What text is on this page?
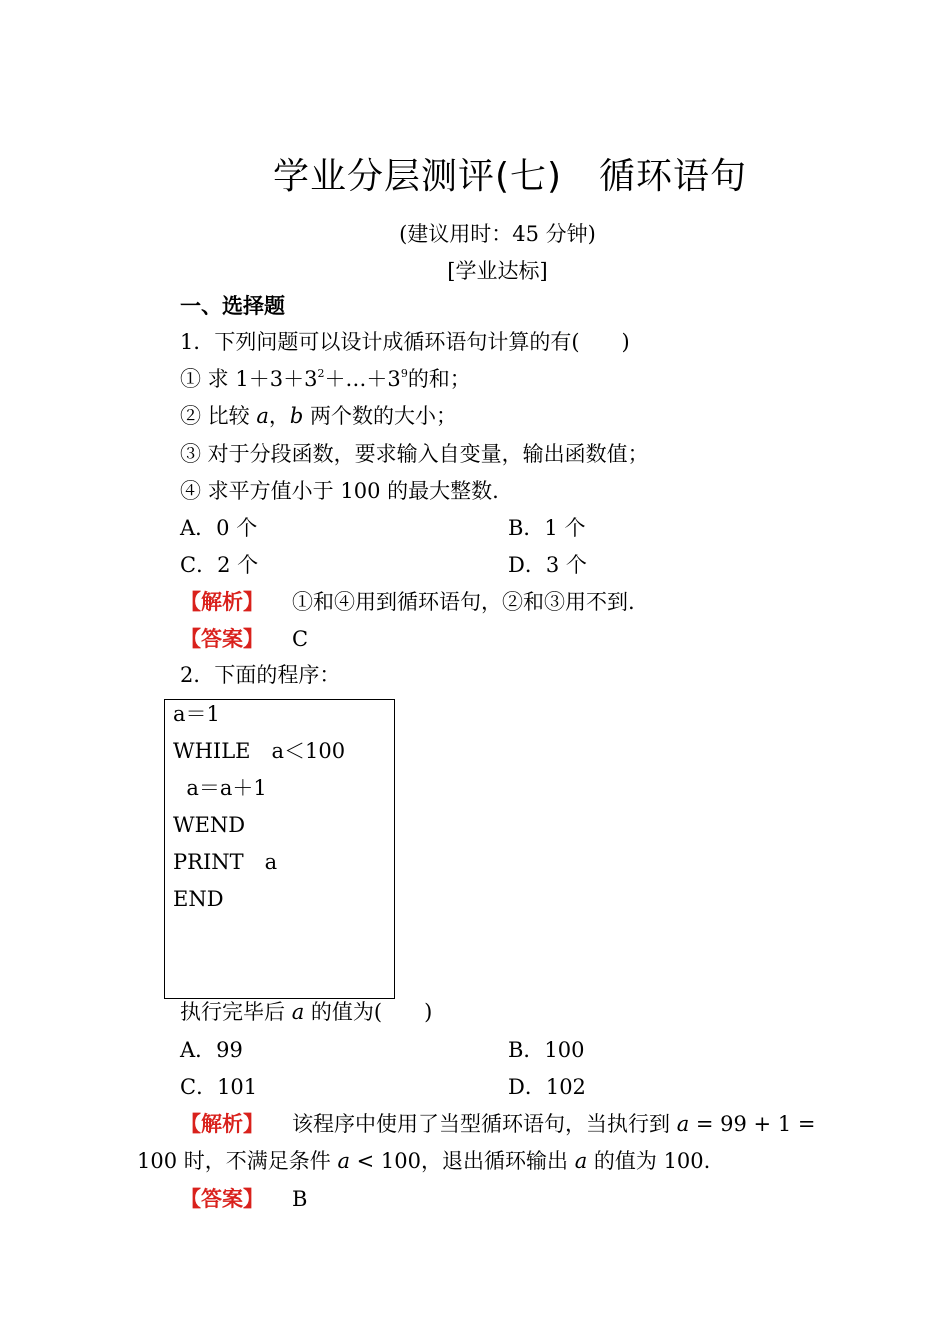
学业分层测评(七)　循环语句
(建议用时：45 分钟)
[学业达标]
一、选择题
1．下列问题可以设计成循环语句计算的有(　　)
① 求 $1+3+3^2+\dots+3^9$的和；
② 比较 a，b 两个数的大小；
③ 对于分段函数，要求输入自变量，输出函数值；
④ 求平方值小于 100 的最大整数.
A．0 个	B．1 个
C．2 个	D．3 个
【解析】 ①和④用到循环语句，②和③用不到.
【答案】 C
2．下面的程序：
a＝1
WHILE　a＜100
a＝a＋1
WEND
PRINT　a
END
执行完毕后 a 的值为(　　)
A．99	B．100
C．101	D．102
【解析】 该程序中使用了当型循环语句，当执行到 a = 99 + 1 =
100 时，不满足条件 a < 100，退出循环输出 a 的值为 100.
【答案】 B
